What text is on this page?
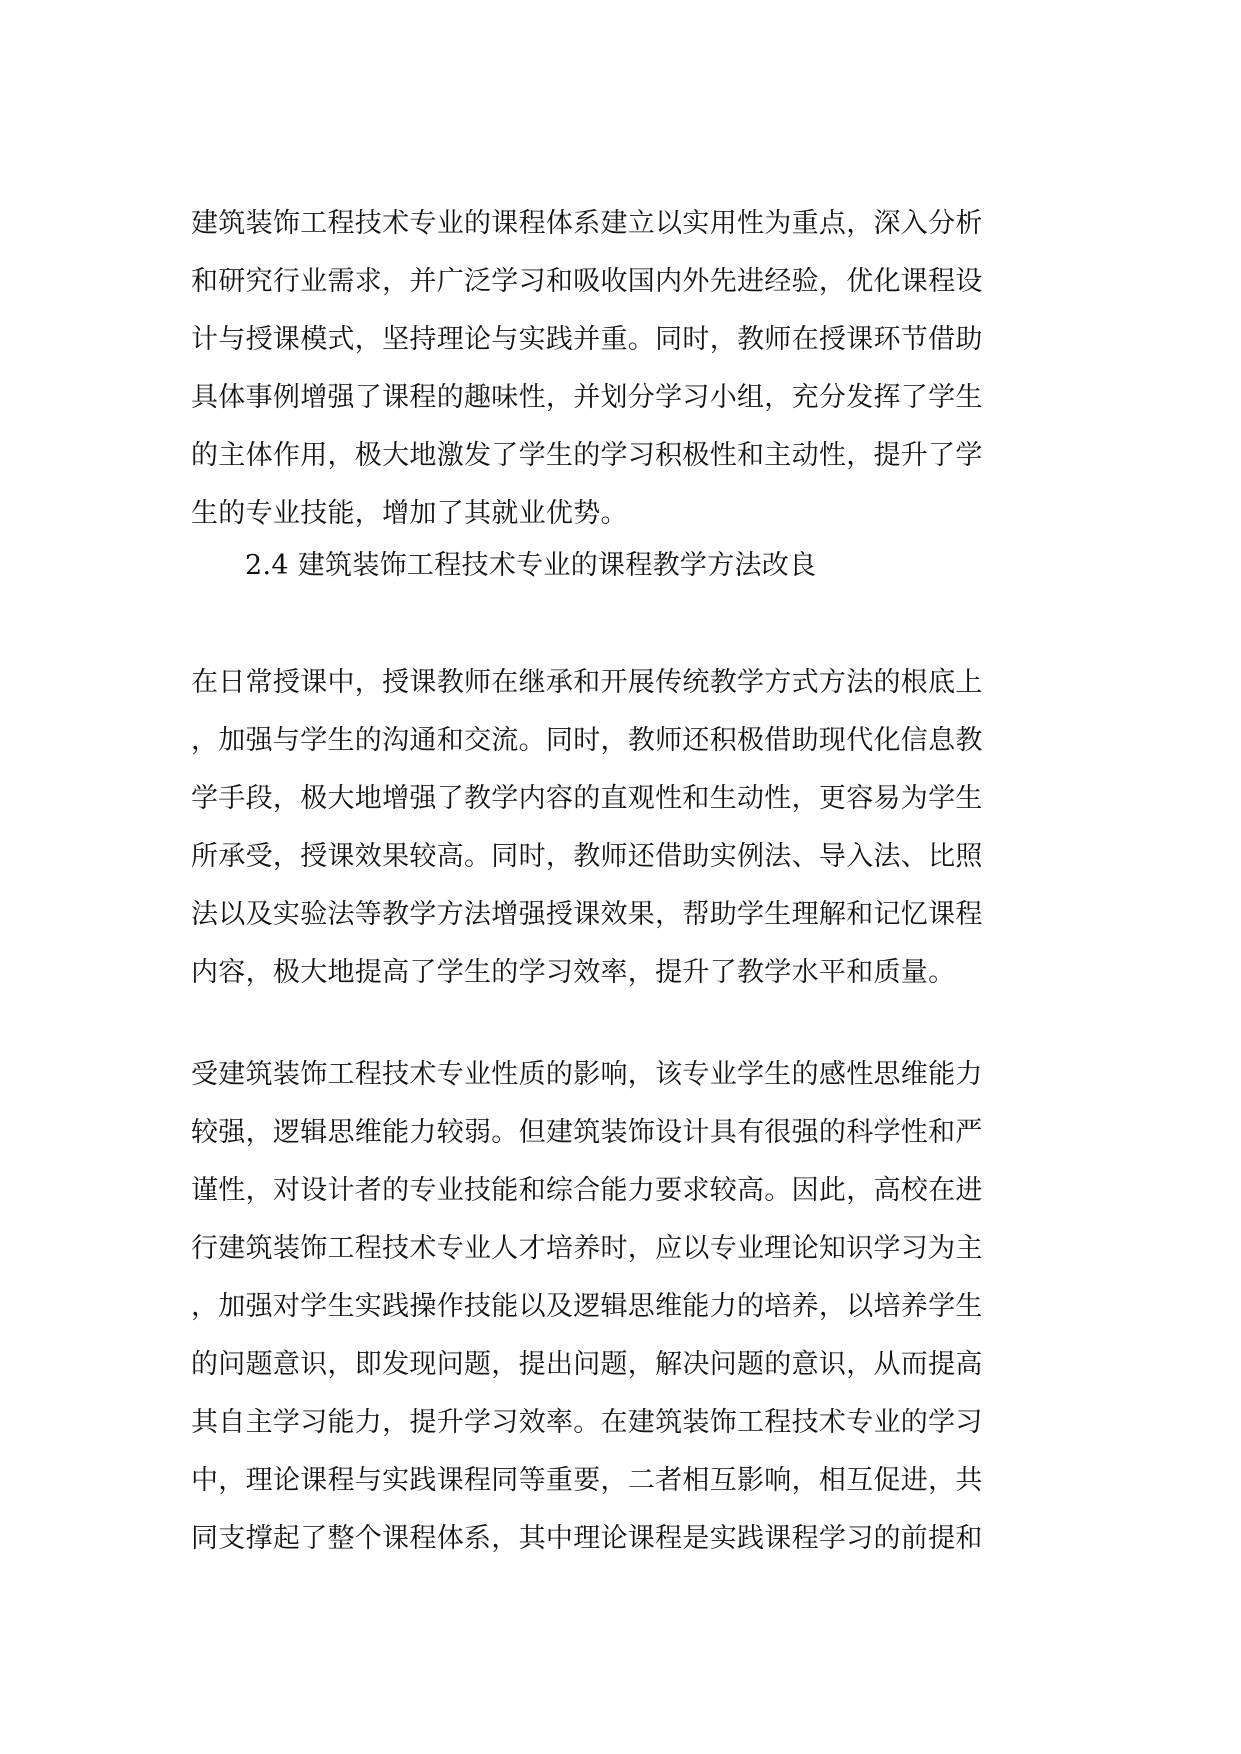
建筑装饰工程技术专业的课程体系建立以实用性为重点，深入分析
和研究行业需求，并广泛学习和吸收国内外先进经验，优化课程设
计与授课模式，坚持理论与实践并重。同时，教师在授课环节借助
具体事例增强了课程的趣味性，并划分学习小组，充分发挥了学生
的主体作用，极大地激发了学生的学习积极性和主动性，提升了学
生的专业技能，增加了其就业优势。
2.4 建筑装饰工程技术专业的课程教学方法改良
在日常授课中，授课教师在继承和开展传统教学方式方法的根底上
，加强与学生的沟通和交流。同时，教师还积极借助现代化信息教
学手段，极大地增强了教学内容的直观性和生动性，更容易为学生
所承受，授课效果较高。同时，教师还借助实例法、导入法、比照
法以及实验法等教学方法增强授课效果，帮助学生理解和记忆课程
内容，极大地提高了学生的学习效率，提升了教学水平和质量。
受建筑装饰工程技术专业性质的影响，该专业学生的感性思维能力
较强，逻辑思维能力较弱。但建筑装饰设计具有很强的科学性和严
谨性，对设计者的专业技能和综合能力要求较高。因此，高校在进
行建筑装饰工程技术专业人才培养时，应以专业理论知识学习为主
，加强对学生实践操作技能以及逻辑思维能力的培养，以培养学生
的问题意识，即发现问题，提出问题，解决问题的意识，从而提高
其自主学习能力，提升学习效率。在建筑装饰工程技术专业的学习
中，理论课程与实践课程同等重要，二者相互影响，相互促进，共
同支撑起了整个课程体系，其中理论课程是实践课程学习的前提和
